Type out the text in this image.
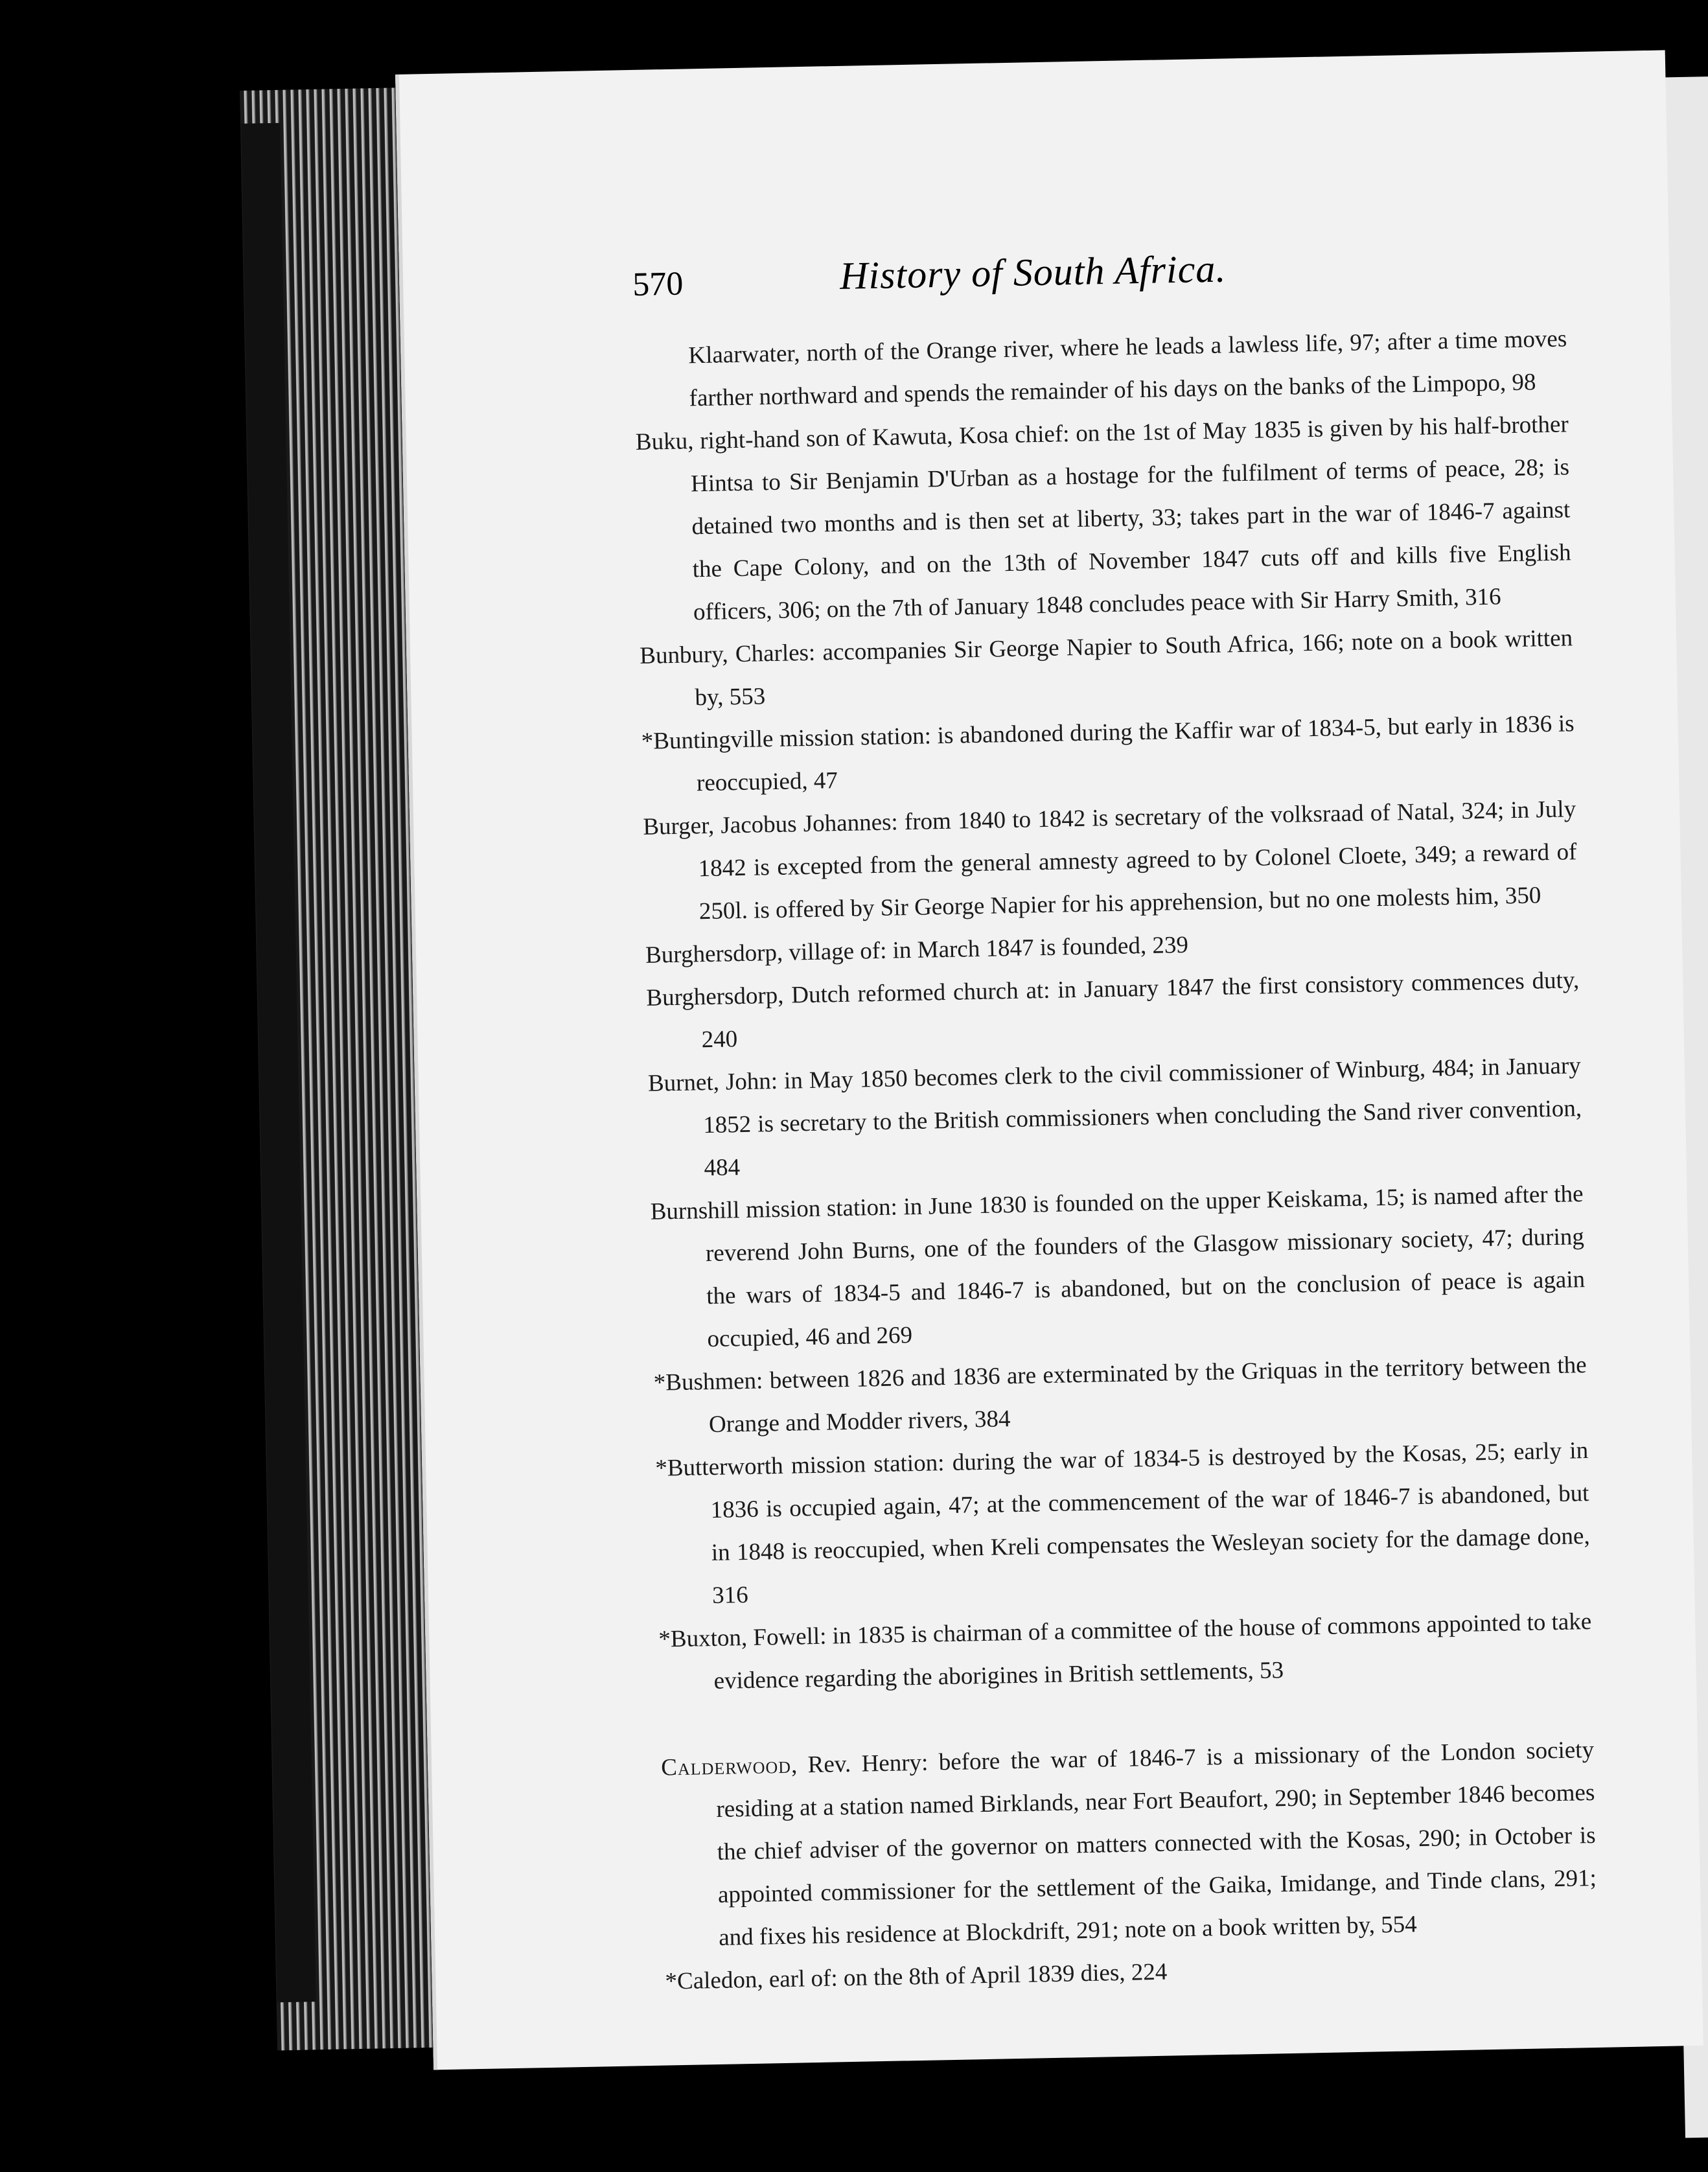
570	History of South Africa.

Klaarwater, north of the Orange river, where he leads a lawless life, 97; after a time moves farther northward and spends the remainder of his days on the banks of the Limpopo, 98

Buku, right-hand son of Kawuta, Kosa chief: on the 1st of May 1835 is given by his half-brother Hintsa to Sir Benjamin D'Urban as a hostage for the fulfilment of terms of peace, 28; is detained two months and is then set at liberty, 33; takes part in the war of 1846-7 against the Cape Colony, and on the 13th of November 1847 cuts off and kills five English officers, 306; on the 7th of January 1848 concludes peace with Sir Harry Smith, 316

Bunbury, Charles: accompanies Sir George Napier to South Africa, 166; note on a book written by, 553

*Buntingville mission station: is abandoned during the Kaffir war of 1834-5, but early in 1836 is reoccupied, 47

Burger, Jacobus Johannes: from 1840 to 1842 is secretary of the volksraad of Natal, 324; in July 1842 is excepted from the general amnesty agreed to by Colonel Cloete, 349; a reward of 250l. is offered by Sir George Napier for his apprehension, but no one molests him, 350

Burghersdorp, village of: in March 1847 is founded, 239

Burghersdorp, Dutch reformed church at: in January 1847 the first consistory commences duty, 240

Burnet, John: in May 1850 becomes clerk to the civil commissioner of Winburg, 484; in January 1852 is secretary to the British commissioners when concluding the Sand river convention, 484

Burnshill mission station: in June 1830 is founded on the upper Keiskama, 15; is named after the reverend John Burns, one of the founders of the Glasgow missionary society, 47; during the wars of 1834-5 and 1846-7 is abandoned, but on the conclusion of peace is again occupied, 46 and 269

*Bushmen: between 1826 and 1836 are exterminated by the Griquas in the territory between the Orange and Modder rivers, 384

*Butterworth mission station: during the war of 1834-5 is destroyed by the Kosas, 25; early in 1836 is occupied again, 47; at the commencement of the war of 1846-7 is abandoned, but in 1848 is reoccupied, when Kreli compensates the Wesleyan society for the damage done, 316

*Buxton, Fowell: in 1835 is chairman of a committee of the house of commons appointed to take evidence regarding the aborigines in British settlements, 53

Calderwood, Rev. Henry: before the war of 1846-7 is a missionary of the London society residing at a station named Birklands, near Fort Beaufort, 290; in September 1846 becomes the chief adviser of the governor on matters connected with the Kosas, 290; in October is appointed commissioner for the settlement of the Gaika, Imidange, and Tinde clans, 291; and fixes his residence at Blockdrift, 291; note on a book written by, 554

*Caledon, earl of: on the 8th of April 1839 dies, 224
